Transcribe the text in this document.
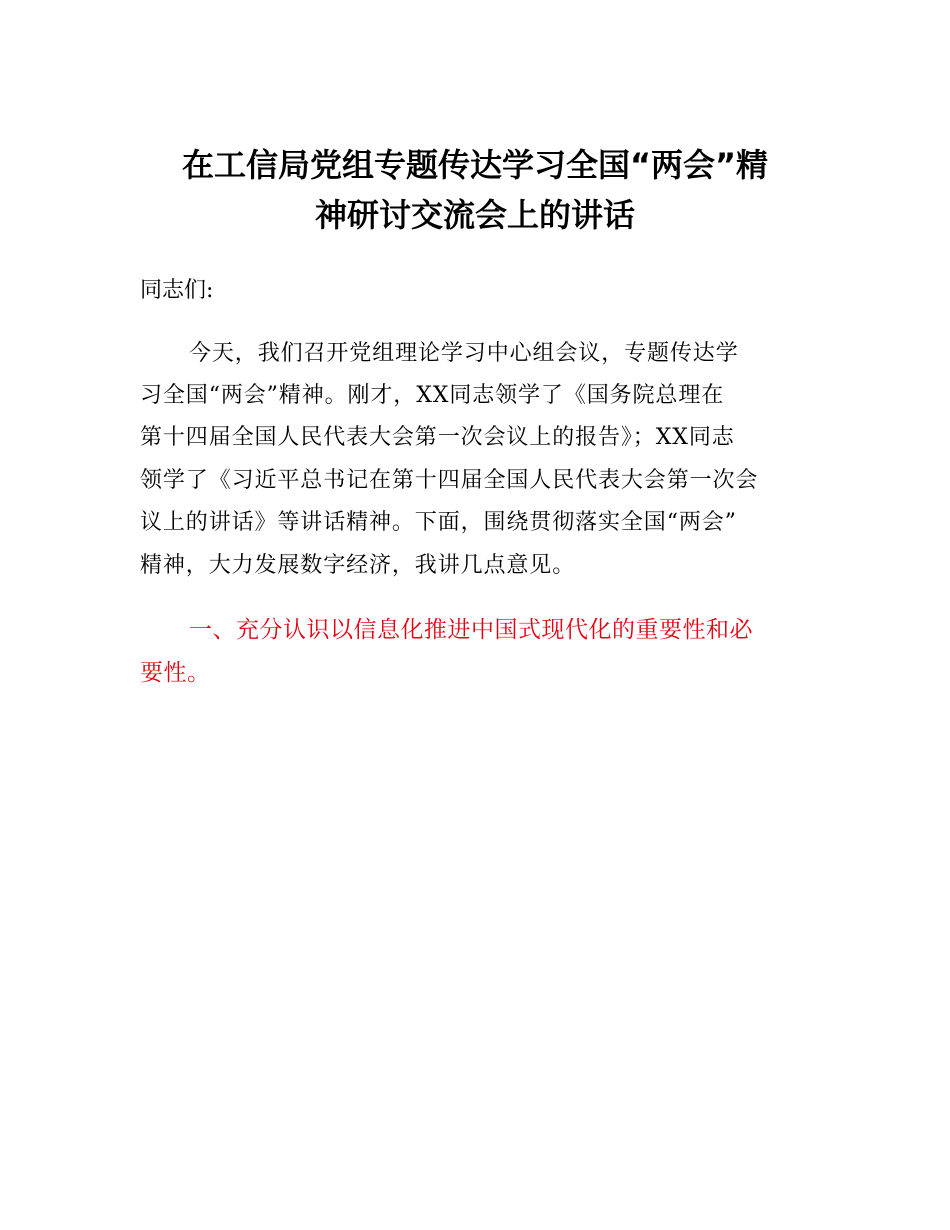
在工信局党组专题传达学习全国“两会”精
神研讨交流会上的讲话
同志们:
今天，我们召开党组理论学习中心组会议，专题传达学
习全国“两会”精神。刚才，XX同志领学了《国务院总理在
第十四届全国人民代表大会第一次会议上的报告》；XX同志
领学了《习近平总书记在第十四届全国人民代表大会第一次会
议上的讲话》等讲话精神。下面，围绕贯彻落实全国“两会”
精神，大力发展数字经济，我讲几点意见。
一、充分认识以信息化推进中国式现代化的重要性和必
要性。
